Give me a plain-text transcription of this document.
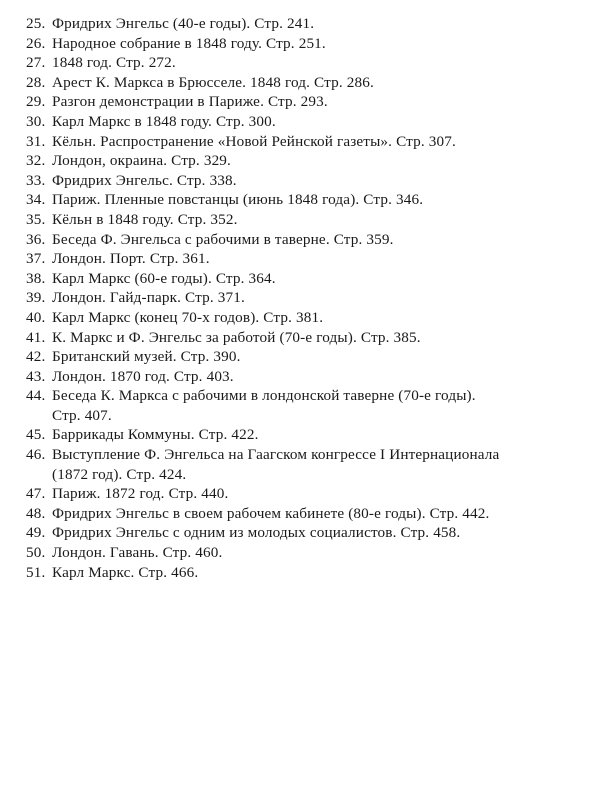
25. Фридрих Энгельс (40-е годы). Стр. 241.
26. Народное собрание в 1848 году. Стр. 251.
27. 1848 год. Стр. 272.
28. Арест К. Маркса в Брюсселе. 1848 год. Стр. 286.
29. Разгон демонстрации в Париже. Стр. 293.
30. Карл Маркс в 1848 году. Стр. 300.
31. Кёльн. Распространение «Новой Рейнской газеты». Стр. 307.
32. Лондон, окраина. Стр. 329.
33. Фридрих Энгельс. Стр. 338.
34. Париж. Пленные повстанцы (июнь 1848 года). Стр. 346.
35. Кёльн в 1848 году. Стр. 352.
36. Беседа Ф. Энгельса с рабочими в таверне. Стр. 359.
37. Лондон. Порт. Стр. 361.
38. Карл Маркс (60-е годы). Стр. 364.
39. Лондон. Гайд-парк. Стр. 371.
40. Карл Маркс (конец 70-х годов). Стр. 381.
41. К. Маркс и Ф. Энгельс за работой (70-е годы). Стр. 385.
42. Британский музей. Стр. 390.
43. Лондон. 1870 год. Стр. 403.
44. Беседа К. Маркса с рабочими в лондонской таверне (70-е годы).
Стр. 407.
45. Баррикады Коммуны. Стр. 422.
46. Выступление Ф. Энгельса на Гаагском конгрессе I Интернационала
(1872 год). Стр. 424.
47. Париж. 1872 год. Стр. 440.
48. Фридрих Энгельс в своем рабочем кабинете (80-е годы). Стр. 442.
49. Фридрих Энгельс с одним из молодых социалистов. Стр. 458.
50. Лондон. Гавань. Стр. 460.
51. Карл Маркс. Стр. 466.
